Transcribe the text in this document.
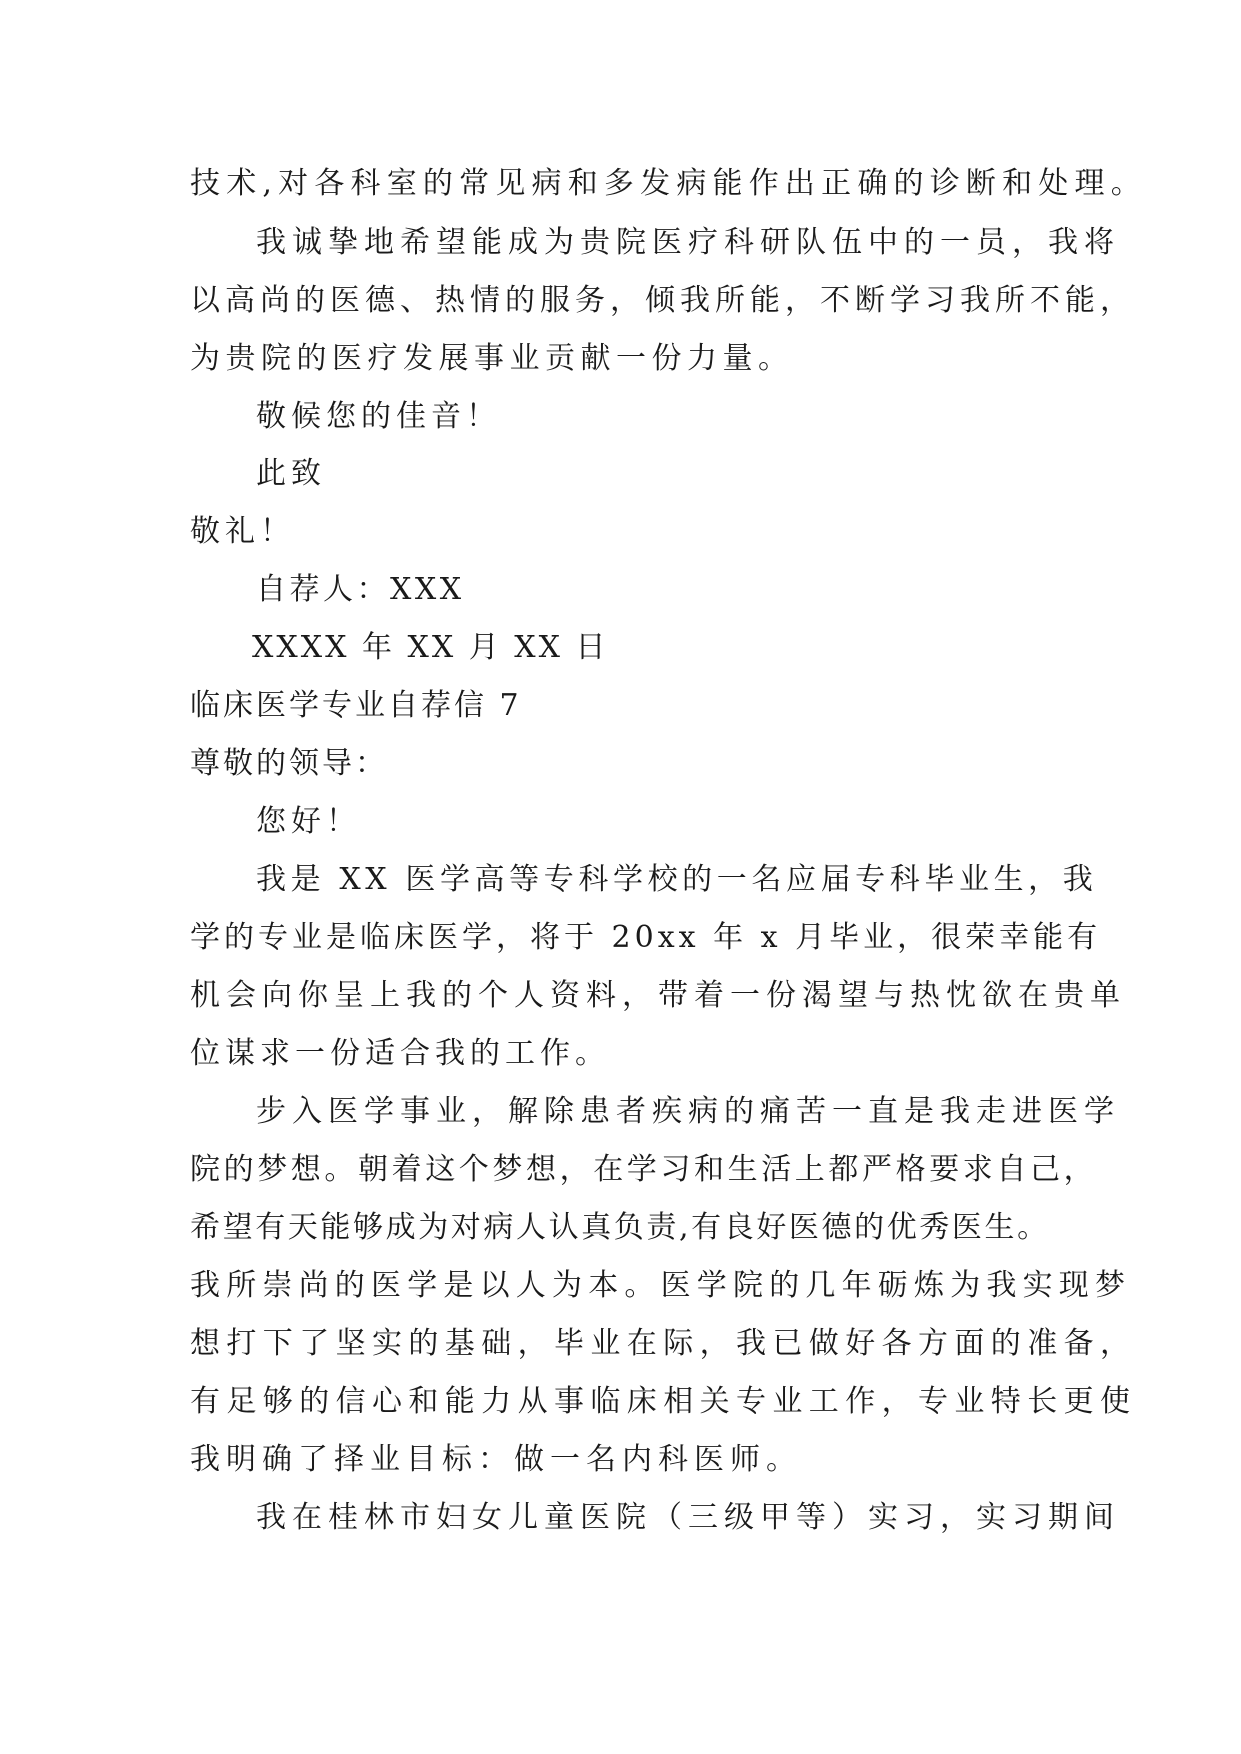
技术,对各科室的常见病和多发病能作出正确的诊断和处理。

我诚挚地希望能成为贵院医疗科研队伍中的一员，我将

以高尚的医德、热情的服务，倾我所能，不断学习我所不能，

为贵院的医疗发展事业贡献一份力量。

敬候您的佳音！

此致

敬礼！

自荐人：XXX

XXXX 年 XX 月 XX 日

临床医学专业自荐信 7

尊敬的领导：

您好！

我是 XX 医学高等专科学校的一名应届专科毕业生，我

学的专业是临床医学，将于 20xx 年 x 月毕业，很荣幸能有

机会向你呈上我的个人资料，带着一份渴望与热忱欲在贵单

位谋求一份适合我的工作。

步入医学事业，解除患者疾病的痛苦一直是我走进医学

院的梦想。朝着这个梦想，在学习和生活上都严格要求自己，

希望有天能够成为对病人认真负责,有良好医德的优秀医生。

我所崇尚的医学是以人为本。医学院的几年砺炼为我实现梦

想打下了坚实的基础，毕业在际，我已做好各方面的准备，

有足够的信心和能力从事临床相关专业工作，专业特长更使

我明确了择业目标：做一名内科医师。

我在桂林市妇女儿童医院（三级甲等）实习，实习期间
